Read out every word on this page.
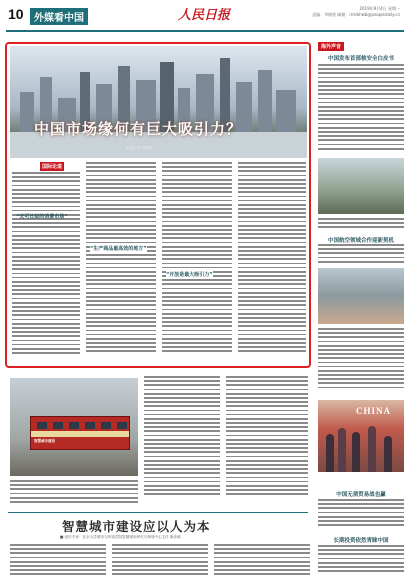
10	外媒看中国	人民日报	2019年9月4日 星期一
责编：李晓欣 邮箱：rmrbhwb@peopledaily.cn
中国市场缘何有巨大吸引力？
本报记者 李晓欣
国际论道
“无可比拟的消费市场”
“生产商品最高效的地方”
“开放是最大吸引力”
海外声音
中国发布首部核安全白皮书
中国航空领域合作迎新契机
CHINA
中国无须贸易战也赢
长期投资依然青睐中国
智慧城市建设
智慧城市建设应以人为本
■ 受访专家：北京大学城市与环境学院智慧城市研究与规划中心主任 柴彦威
